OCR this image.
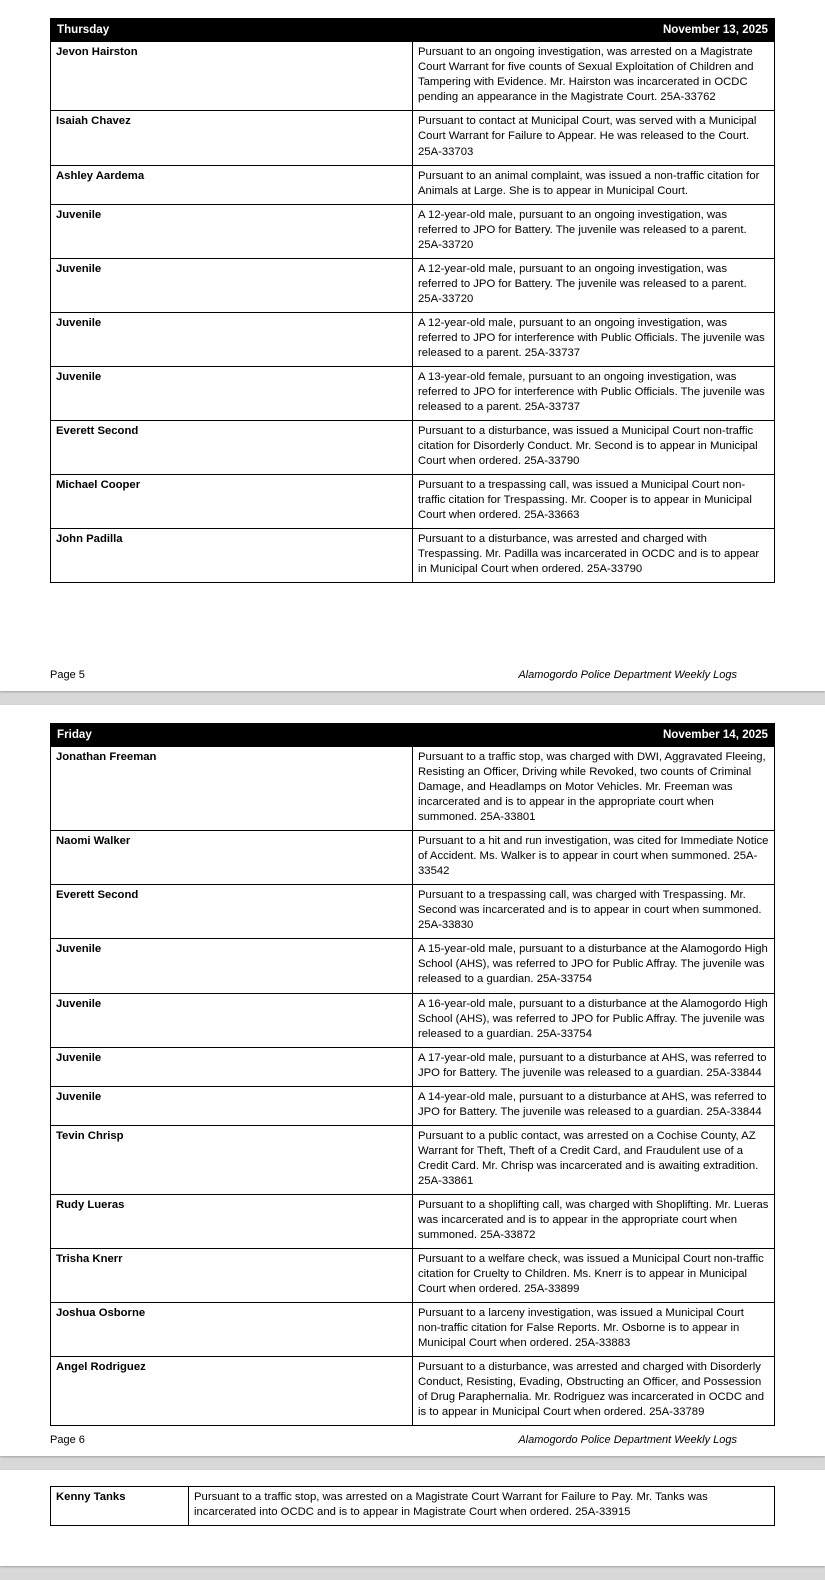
Thursday	November 13, 2025
Jevon Hairston	Pursuant to an ongoing investigation, was arrested on a Magistrate Court Warrant for five counts of Sexual Exploitation of Children and Tampering with Evidence. Mr. Hairston was incarcerated in OCDC pending an appearance in the Magistrate Court. 25A-33762
Isaiah Chavez	Pursuant to contact at Municipal Court, was served with a Municipal Court Warrant for Failure to Appear. He was released to the Court. 25A-33703
Ashley Aardema	Pursuant to an animal complaint, was issued a non-traffic citation for Animals at Large. She is to appear in Municipal Court.
Juvenile	A 12-year-old male, pursuant to an ongoing investigation, was referred to JPO for Battery. The juvenile was released to a parent. 25A-33720
Juvenile	A 12-year-old male, pursuant to an ongoing investigation, was referred to JPO for Battery. The juvenile was released to a parent. 25A-33720
Juvenile	A 12-year-old male, pursuant to an ongoing investigation, was referred to JPO for interference with Public Officials. The juvenile was released to a parent. 25A-33737
Juvenile	A 13-year-old female, pursuant to an ongoing investigation, was referred to JPO for interference with Public Officials. The juvenile was released to a parent. 25A-33737
Everett Second	Pursuant to a disturbance, was issued a Municipal Court non-traffic citation for Disorderly Conduct. Mr. Second is to appear in Municipal Court when ordered. 25A-33790
Michael Cooper	Pursuant to a trespassing call, was issued a Municipal Court non-traffic citation for Trespassing. Mr. Cooper is to appear in Municipal Court when ordered. 25A-33663
John Padilla	Pursuant to a disturbance, was arrested and charged with Trespassing. Mr. Padilla was incarcerated in OCDC and is to appear in Municipal Court when ordered. 25A-33790
Page 5	Alamogordo Police Department Weekly Logs
Friday	November 14, 2025
Jonathan Freeman	Pursuant to a traffic stop, was charged with DWI, Aggravated Fleeing, Resisting an Officer, Driving while Revoked, two counts of Criminal Damage, and Headlamps on Motor Vehicles. Mr. Freeman was incarcerated and is to appear in the appropriate court when summoned. 25A-33801
Naomi Walker	Pursuant to a hit and run investigation, was cited for Immediate Notice of Accident. Ms. Walker is to appear in court when summoned. 25A-33542
Everett Second	Pursuant to a trespassing call, was charged with Trespassing. Mr. Second was incarcerated and is to appear in court when summoned. 25A-33830
Juvenile	A 15-year-old male, pursuant to a disturbance at the Alamogordo High School (AHS), was referred to JPO for Public Affray. The juvenile was released to a guardian. 25A-33754
Juvenile	A 16-year-old male, pursuant to a disturbance at the Alamogordo High School (AHS), was referred to JPO for Public Affray. The juvenile was released to a guardian. 25A-33754
Juvenile	A 17-year-old male, pursuant to a disturbance at AHS, was referred to JPO for Battery. The juvenile was released to a guardian. 25A-33844
Juvenile	A 14-year-old male, pursuant to a disturbance at AHS, was referred to JPO for Battery. The juvenile was released to a guardian. 25A-33844
Tevin Chrisp	Pursuant to a public contact, was arrested on a Cochise County, AZ Warrant for Theft, Theft of a Credit Card, and Fraudulent use of a Credit Card. Mr. Chrisp was incarcerated and is awaiting extradition. 25A-33861
Rudy Lueras	Pursuant to a shoplifting call, was charged with Shoplifting. Mr. Lueras was incarcerated and is to appear in the appropriate court when summoned. 25A-33872
Trisha Knerr	Pursuant to a welfare check, was issued a Municipal Court non-traffic citation for Cruelty to Children. Ms. Knerr is to appear in Municipal Court when ordered. 25A-33899
Joshua Osborne	Pursuant to a larceny investigation, was issued a Municipal Court non-traffic citation for False Reports. Mr. Osborne is to appear in Municipal Court when ordered. 25A-33883
Angel Rodriguez	Pursuant to a disturbance, was arrested and charged with Disorderly Conduct, Resisting, Evading, Obstructing an Officer, and Possession of Drug Paraphernalia. Mr. Rodriguez was incarcerated in OCDC and is to appear in Municipal Court when ordered. 25A-33789
Page 6	Alamogordo Police Department Weekly Logs
Kenny Tanks	Pursuant to a traffic stop, was arrested on a Magistrate Court Warrant for Failure to Pay. Mr. Tanks was incarcerated into OCDC and is to appear in Magistrate Court when ordered. 25A-33915
